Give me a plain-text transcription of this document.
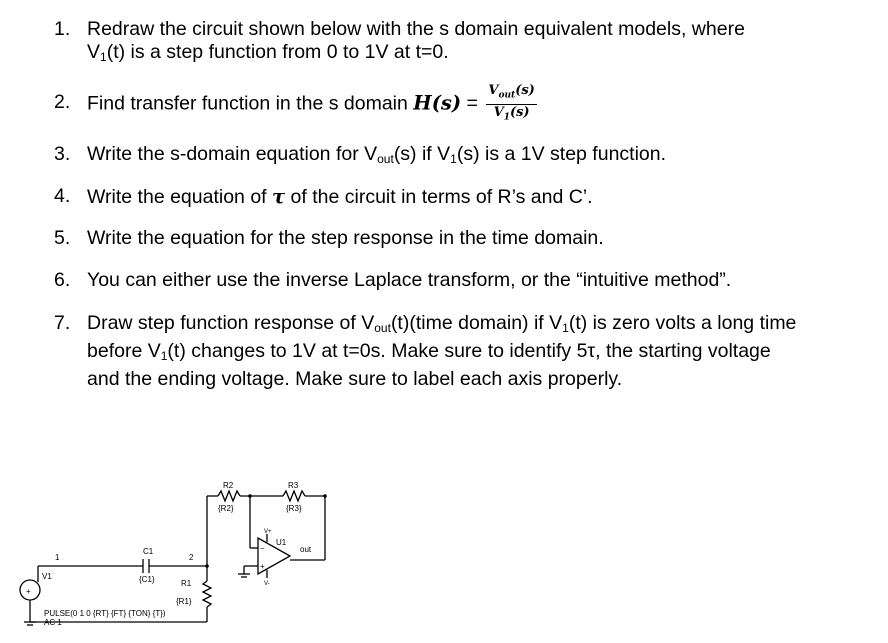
1. Redraw the circuit shown below with the s domain equivalent models, where
$V_1(t)$ is a step function from 0 to 1V at t=0.
2. Find transfer function in the s domain $H(s) = \frac{V_{out}(s)}{V_1(s)}$
3. Write the s-domain equation for $V_{out}(s)$ if $V_1(s)$ is a 1V step function.
4. Write the equation of τ of the circuit in terms of R’s and C’.
5. Write the equation for the step response in the time domain.
6. You can either use the inverse Laplace transform, or the “intuitive method”.
7. Draw step function response of $V_{out}(t)(time$ domain) if $V_1(t)$ is zero volts a long time
before $V_1(t)$ changes to 1V at t=0s. Make sure to identify 5τ, the starting voltage
and the ending voltage. Make sure to label each axis properly.
R2
{R2}
R3
{R3}
C1
{C1}	R1
{R1}
U1
out
−
+
V+
V-
V1
+
1	2
PULSE(0 1 0 {RT} {FT} {TON} {T})
AC 1
